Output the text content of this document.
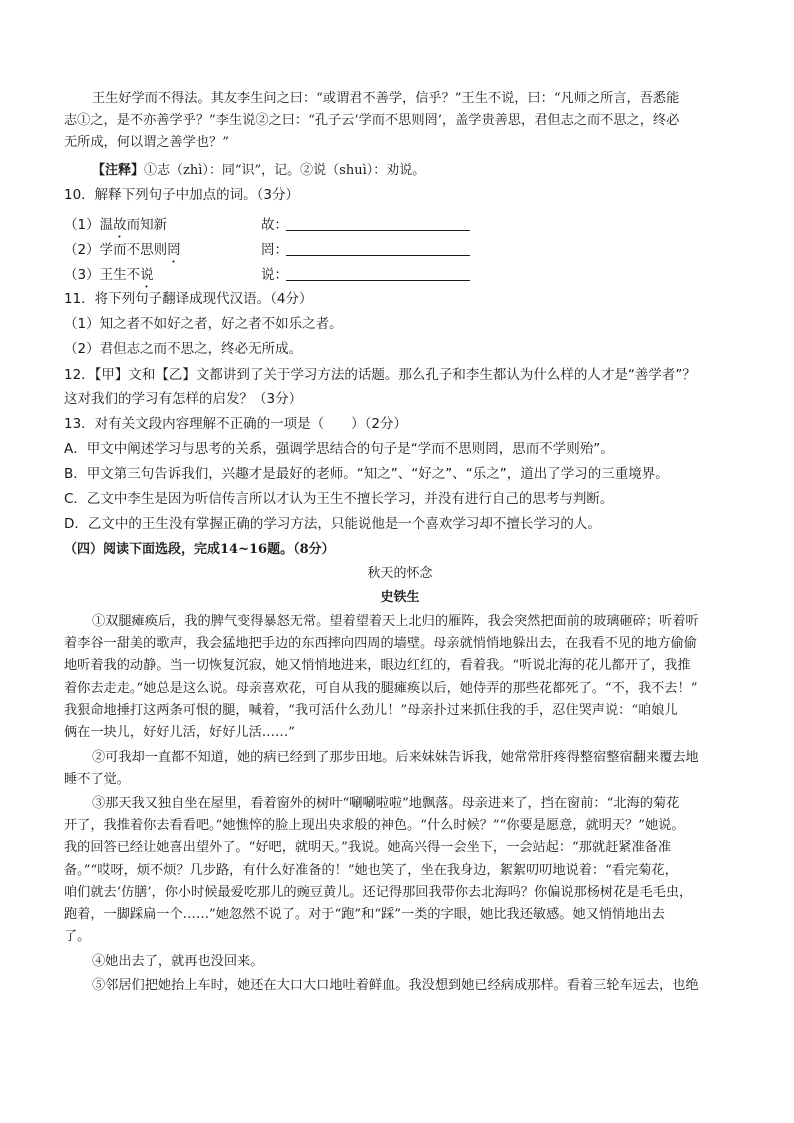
王生好学而不得法。其友李生问之曰：“或谓君不善学，信乎？”王生不说，曰：“凡师之所言，吾悉能
志①之，是不亦善学乎？”李生说②之曰：“孔子云‘学而不思则罔’，盖学贵善思，君但志之而不思之，终必
无所成，何以谓之善学也？”
【注释】①志（zhì）：同“识”，记。②说（shuì）：劝说。
10．解释下列句子中加点的词。（3分）
（1）温故而知新	故：
（2）学而不思则罔	罔：
（3）王生不说	说：
11．将下列句子翻译成现代汉语。（4分）
（1）知之者不如好之者，好之者不如乐之者。
（2）君但志之而不思之，终必无所成。
12．【甲】文和【乙】文都讲到了关于学习方法的话题。那么孔子和李生都认为什么样的人才是“善学者”？
这对我们的学习有怎样的启发？（3分）
13．对有关文段内容理解不正确的一项是（　　）（2分）
A．甲文中阐述学习与思考的关系，强调学思结合的句子是“学而不思则罔，思而不学则殆”。
B．甲文第三句告诉我们，兴趣才是最好的老师。“知之”、“好之”、“乐之”，道出了学习的三重境界。
C．乙文中李生是因为听信传言所以才认为王生不擅长学习，并没有进行自己的思考与判断。
D．乙文中的王生没有掌握正确的学习方法，只能说他是一个喜欢学习却不擅长学习的人。
（四）阅读下面选段，完成14~16题。（8分）
秋天的怀念
史铁生
①双腿瘫痪后，我的脾气变得暴怒无常。望着望着天上北归的雁阵，我会突然把面前的玻璃砸碎；听着听
着李谷一甜美的歌声，我会猛地把手边的东西摔向四周的墙壁。母亲就悄悄地躲出去，在我看不见的地方偷偷
地听着我的动静。当一切恢复沉寂，她又悄悄地进来，眼边红红的，看着我。“听说北海的花儿都开了，我推
着你去走走。”她总是这么说。母亲喜欢花，可自从我的腿瘫痪以后，她侍弄的那些花都死了。“不，我不去！”
我狠命地捶打这两条可恨的腿，喊着，“我可活什么劲儿！”母亲扑过来抓住我的手，忍住哭声说：“咱娘儿
俩在一块儿，好好儿活，好好儿活……”
②可我却一直都不知道，她的病已经到了那步田地。后来妹妹告诉我，她常常肝疼得整宿整宿翻来覆去地
睡不了觉。
③那天我又独自坐在屋里，看着窗外的树叶“唰唰啦啦”地飘落。母亲进来了，挡在窗前：“北海的菊花
开了，我推着你去看看吧。”她憔悴的脸上现出央求般的神色。“什么时候？”“你要是愿意，就明天？”她说。
我的回答已经让她喜出望外了。“好吧，就明天。”我说。她高兴得一会坐下，一会站起：“那就赶紧准备准
备。”“哎呀，烦不烦？几步路，有什么好准备的！”她也笑了，坐在我身边，絮絮叨叨地说着：“看完菊花，
咱们就去‘仿膳’，你小时候最爱吃那儿的豌豆黄儿。还记得那回我带你去北海吗？你偏说那杨树花是毛毛虫，
跑着，一脚踩扁一个……”她忽然不说了。对于“跑”和“踩”一类的字眼，她比我还敏感。她又悄悄地出去
了。
④她出去了，就再也没回来。
⑤邻居们把她抬上车时，她还在大口大口地吐着鲜血。我没想到她已经病成那样。看着三轮车远去，也绝
